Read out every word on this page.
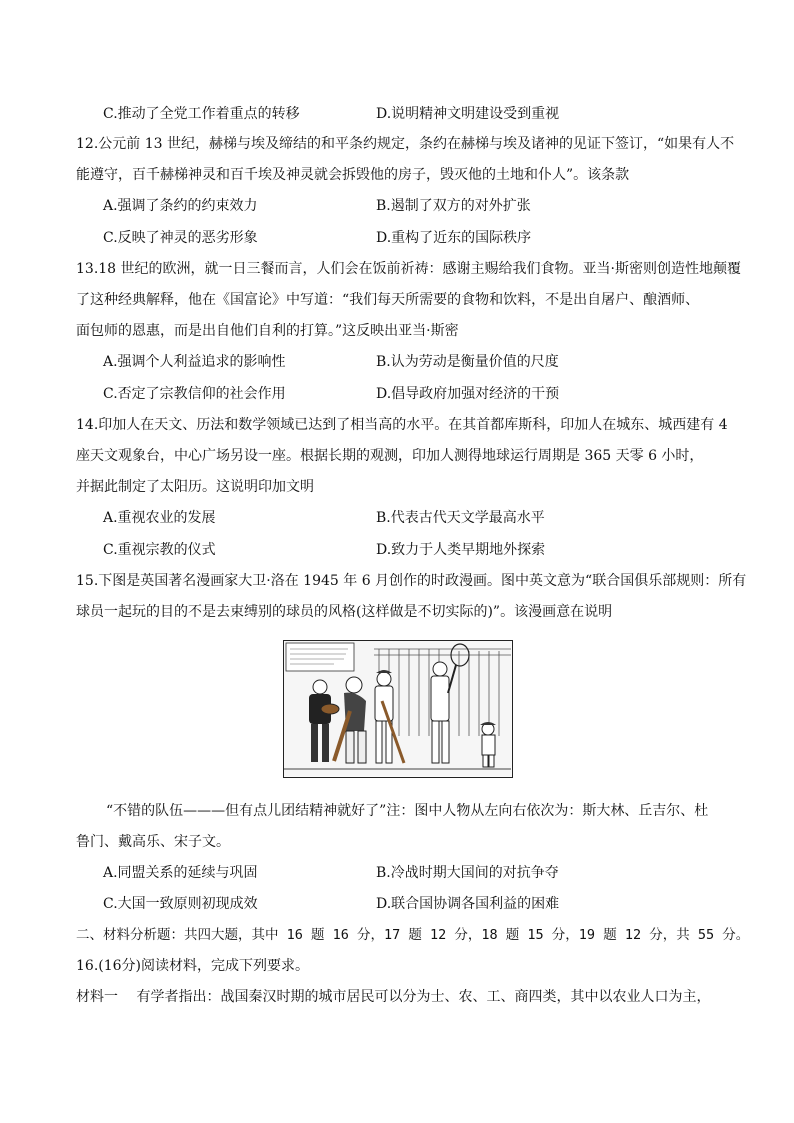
C.推动了全党工作着重点的转移	D.说明精神文明建设受到重视
12.公元前 13 世纪，赫梯与埃及缔结的和平条约规定，条约在赫梯与埃及诸神的见证下签订，“如果有人不
能遵守，百千赫梯神灵和百千埃及神灵就会拆毁他的房子，毁灭他的土地和仆人”。该条款
A.强调了条约的约束效力	B.遏制了双方的对外扩张
C.反映了神灵的恶劣形象	D.重构了近东的国际秩序
13.18 世纪的欧洲，就一日三餐而言，人们会在饭前祈祷：感谢主赐给我们食物。亚当·斯密则创造性地颠覆
了这种经典解释，他在《国富论》中写道：“我们每天所需要的食物和饮料，不是出自屠户、酿酒师、
面包师的恩惠，而是出自他们自利的打算。”这反映出亚当·斯密
A.强调个人利益追求的影响性	B.认为劳动是衡量价值的尺度
C.否定了宗教信仰的社会作用	D.倡导政府加强对经济的干预
14.印加人在天文、历法和数学领域已达到了相当高的水平。在其首都库斯科，印加人在城东、城西建有 4
座天文观象台，中心广场另设一座。根据长期的观测，印加人测得地球运行周期是 365 天零 6 小时，
并据此制定了太阳历。这说明印加文明
A.重视农业的发展	B.代表古代天文学最高水平
C.重视宗教的仪式	D.致力于人类早期地外探索
15.下图是英国著名漫画家大卫·洛在 1945 年 6 月创作的时政漫画。图中英文意为“联合国俱乐部规则：所有
球员一起玩的目的不是去束缚别的球员的风格(这样做是不切实际的)”。该漫画意在说明
“不错的队伍———但有点儿团结精神就好了”注：图中人物从左向右依次为：斯大林、丘吉尔、杜
鲁门、戴高乐、宋子文。
A.同盟关系的延续与巩固	B.冷战时期大国间的对抗争夺
C.大国一致原则初现成效	D.联合国协调各国利益的困难
二、材料分析题：共四大题，其中 16 题 16 分，17 题 12 分，18 题 15 分，19 题 12 分，共 55 分。
16.(16分)阅读材料，完成下列要求。
材料一　 有学者指出：战国秦汉时期的城市居民可以分为士、农、工、商四类，其中以农业人口为主，
